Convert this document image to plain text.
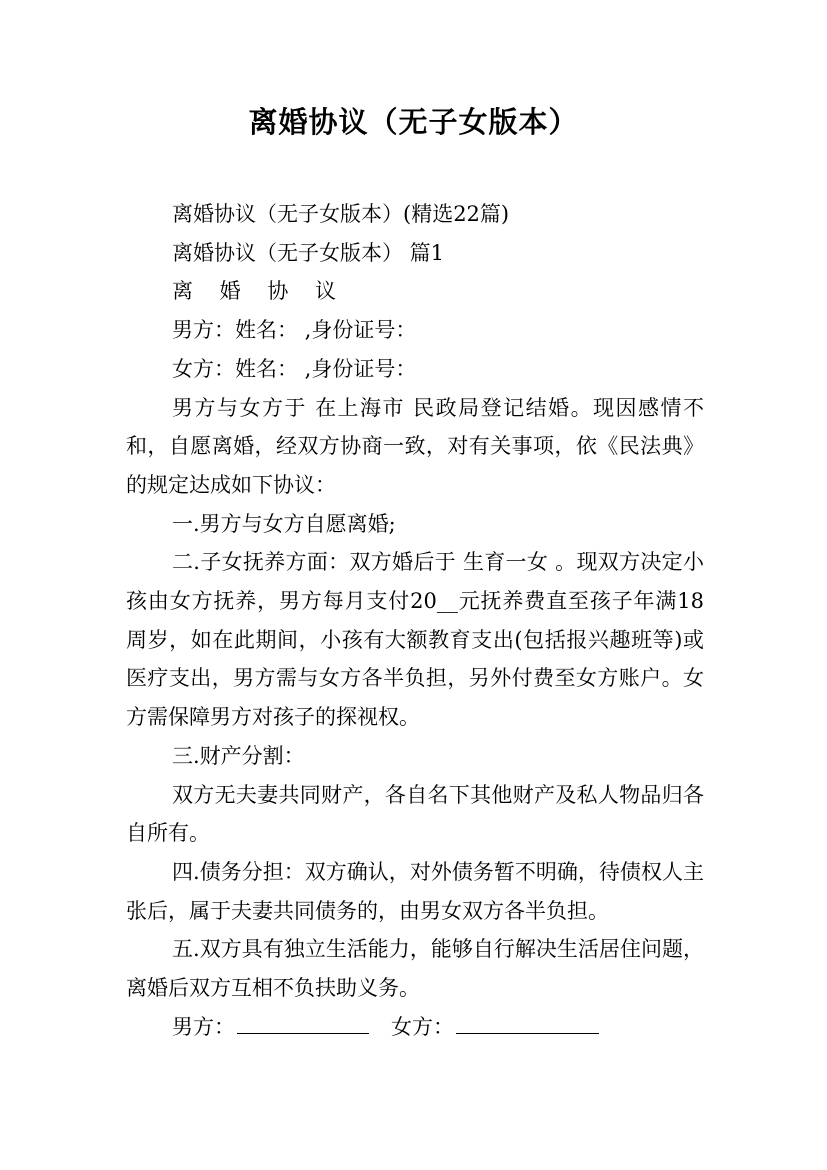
离婚协议（无子女版本）

离婚协议（无子女版本）(精选22篇)

离婚协议（无子女版本） 篇1

离 婚 协 议

男方：姓名： ,身份证号：

女方：姓名： ,身份证号：

男方与女方于 在上海市 民政局登记结婚。现因感情不和，自愿离婚，经双方协商一致，对有关事项，依《民法典》的规定达成如下协议：

一.男方与女方自愿离婚;

二.子女抚养方面：双方婚后于 生育一女 。现双方决定小孩由女方抚养，男方每月支付20__元抚养费直至孩子年满18周岁，如在此期间，小孩有大额教育支出(包括报兴趣班等)或医疗支出，男方需与女方各半负担，另外付费至女方账户。女方需保障男方对孩子的探视权。

三.财产分割：

双方无夫妻共同财产，各自名下其他财产及私人物品归各自所有。

四.债务分担：双方确认，对外债务暂不明确，待债权人主张后，属于夫妻共同债务的，由男女双方各半负担。

五.双方具有独立生活能力，能够自行解决生活居住问题，离婚后双方互相不负扶助义务。

男方：	女方：
